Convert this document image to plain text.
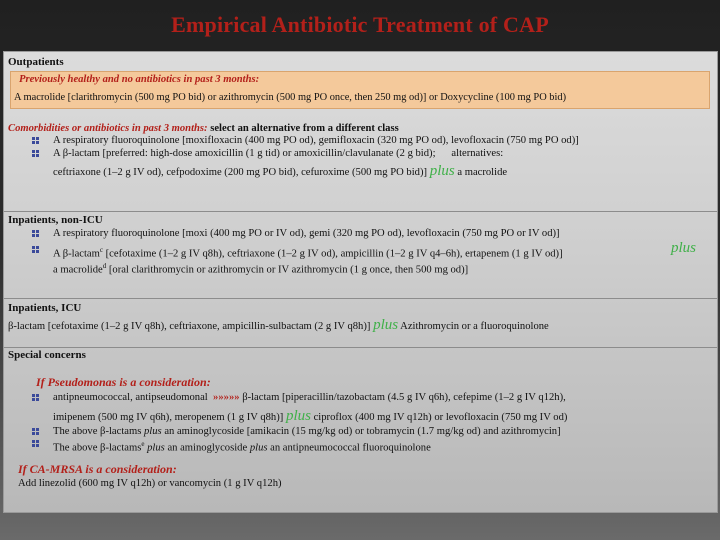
Empirical Antibiotic Treatment of CAP
Outpatients
Previously healthy and no antibiotics in past 3 months:
A macrolide [clarithromycin (500 mg PO bid) or azithromycin (500 mg PO once, then 250 mg od)] or Doxycycline (100 mg PO bid)
Comorbidities or antibiotics in past 3 months: select an alternative from a different class
A respiratory fluoroquinolone [moxifloxacin (400 mg PO od), gemifloxacin (320 mg PO od), levofloxacin (750 mg PO od)]
A β-lactam [preferred: high-dose amoxicillin (1 g tid) or amoxicillin/clavulanate (2 g bid); alternatives:
ceftriaxone (1–2 g IV od), cefpodoxime (200 mg PO bid), cefuroxime (500 mg PO bid)] plus a macrolide
Inpatients, non-ICU
A respiratory fluoroquinolone [moxi (400 mg PO or IV od), gemi (320 mg PO od), levofloxacin (750 mg PO or IV od)]
A β-lactam$^c$ [cefotaxime (1–2 g IV q8h), ceftriaxone (1–2 g IV od), ampicillin (1–2 g IV q4–6h), ertapenem (1 g IV od)]	plus
a macrolide$^d$ [oral clarithromycin or azithromycin or IV azithromycin (1 g once, then 500 mg od)]
Inpatients, ICU
β-lactam [cefotaxime (1–2 g IV q8h), ceftriaxone, ampicillin-sulbactam (2 g IV q8h)] plus Azithromycin or a fluoroquinolone
Special concerns
If Pseudomonas is a consideration:
antipneumococcal, antipseudomonal »»»»» β-lactam [piperacillin/tazobactam (4.5 g IV q6h), cefepime (1–2 g IV q12h),
imipenem (500 mg IV q6h), meropenem (1 g IV q8h)] plus ciproflox (400 mg IV q12h) or levofloxacin (750 mg IV od)
The above β-lactams plus an aminoglycoside [amikacin (15 mg/kg od) or tobramycin (1.7 mg/kg od) and azithromycin]
The above β-lactams$^e$ plus an aminoglycoside plus an antipneumococcal fluoroquinolone
If CA-MRSA is a consideration:
Add linezolid (600 mg IV q12h) or vancomycin (1 g IV q12h)
